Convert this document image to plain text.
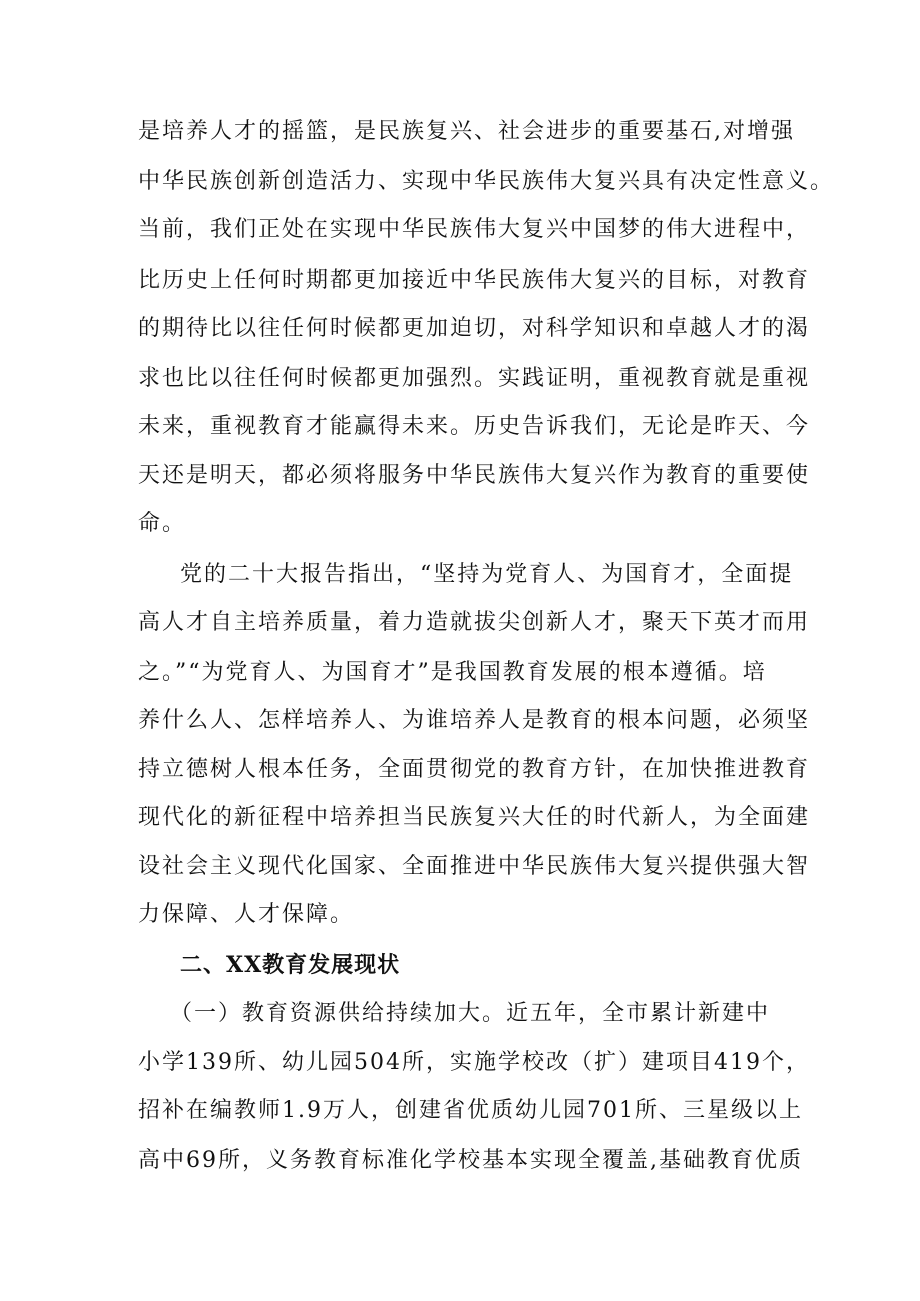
是培养人才的摇篮，是民族复兴、社会进步的重要基石,对增强
中华民族创新创造活力、实现中华民族伟大复兴具有决定性意义。
当前，我们正处在实现中华民族伟大复兴中国梦的伟大进程中，
比历史上任何时期都更加接近中华民族伟大复兴的目标，对教育
的期待比以往任何时候都更加迫切，对科学知识和卓越人才的渴
求也比以往任何时候都更加强烈。实践证明，重视教育就是重视
未来，重视教育才能赢得未来。历史告诉我们，无论是昨天、今
天还是明天，都必须将服务中华民族伟大复兴作为教育的重要使
命。
党的二十大报告指出，“坚持为党育人、为国育才，全面提
高人才自主培养质量，着力造就拔尖创新人才，聚天下英才而用
之。”“为党育人、为国育才”是我国教育发展的根本遵循。培
养什么人、怎样培养人、为谁培养人是教育的根本问题，必须坚
持立德树人根本任务，全面贯彻党的教育方针，在加快推进教育
现代化的新征程中培养担当民族复兴大任的时代新人，为全面建
设社会主义现代化国家、全面推进中华民族伟大复兴提供强大智
力保障、人才保障。
二、XX教育发展现状
（一）教育资源供给持续加大。近五年，全市累计新建中
小学139所、幼儿园504所，实施学校改（扩）建项目419个，
招补在编教师1.9万人，创建省优质幼儿园701所、三星级以上
高中69所，义务教育标准化学校基本实现全覆盖,基础教育优质
